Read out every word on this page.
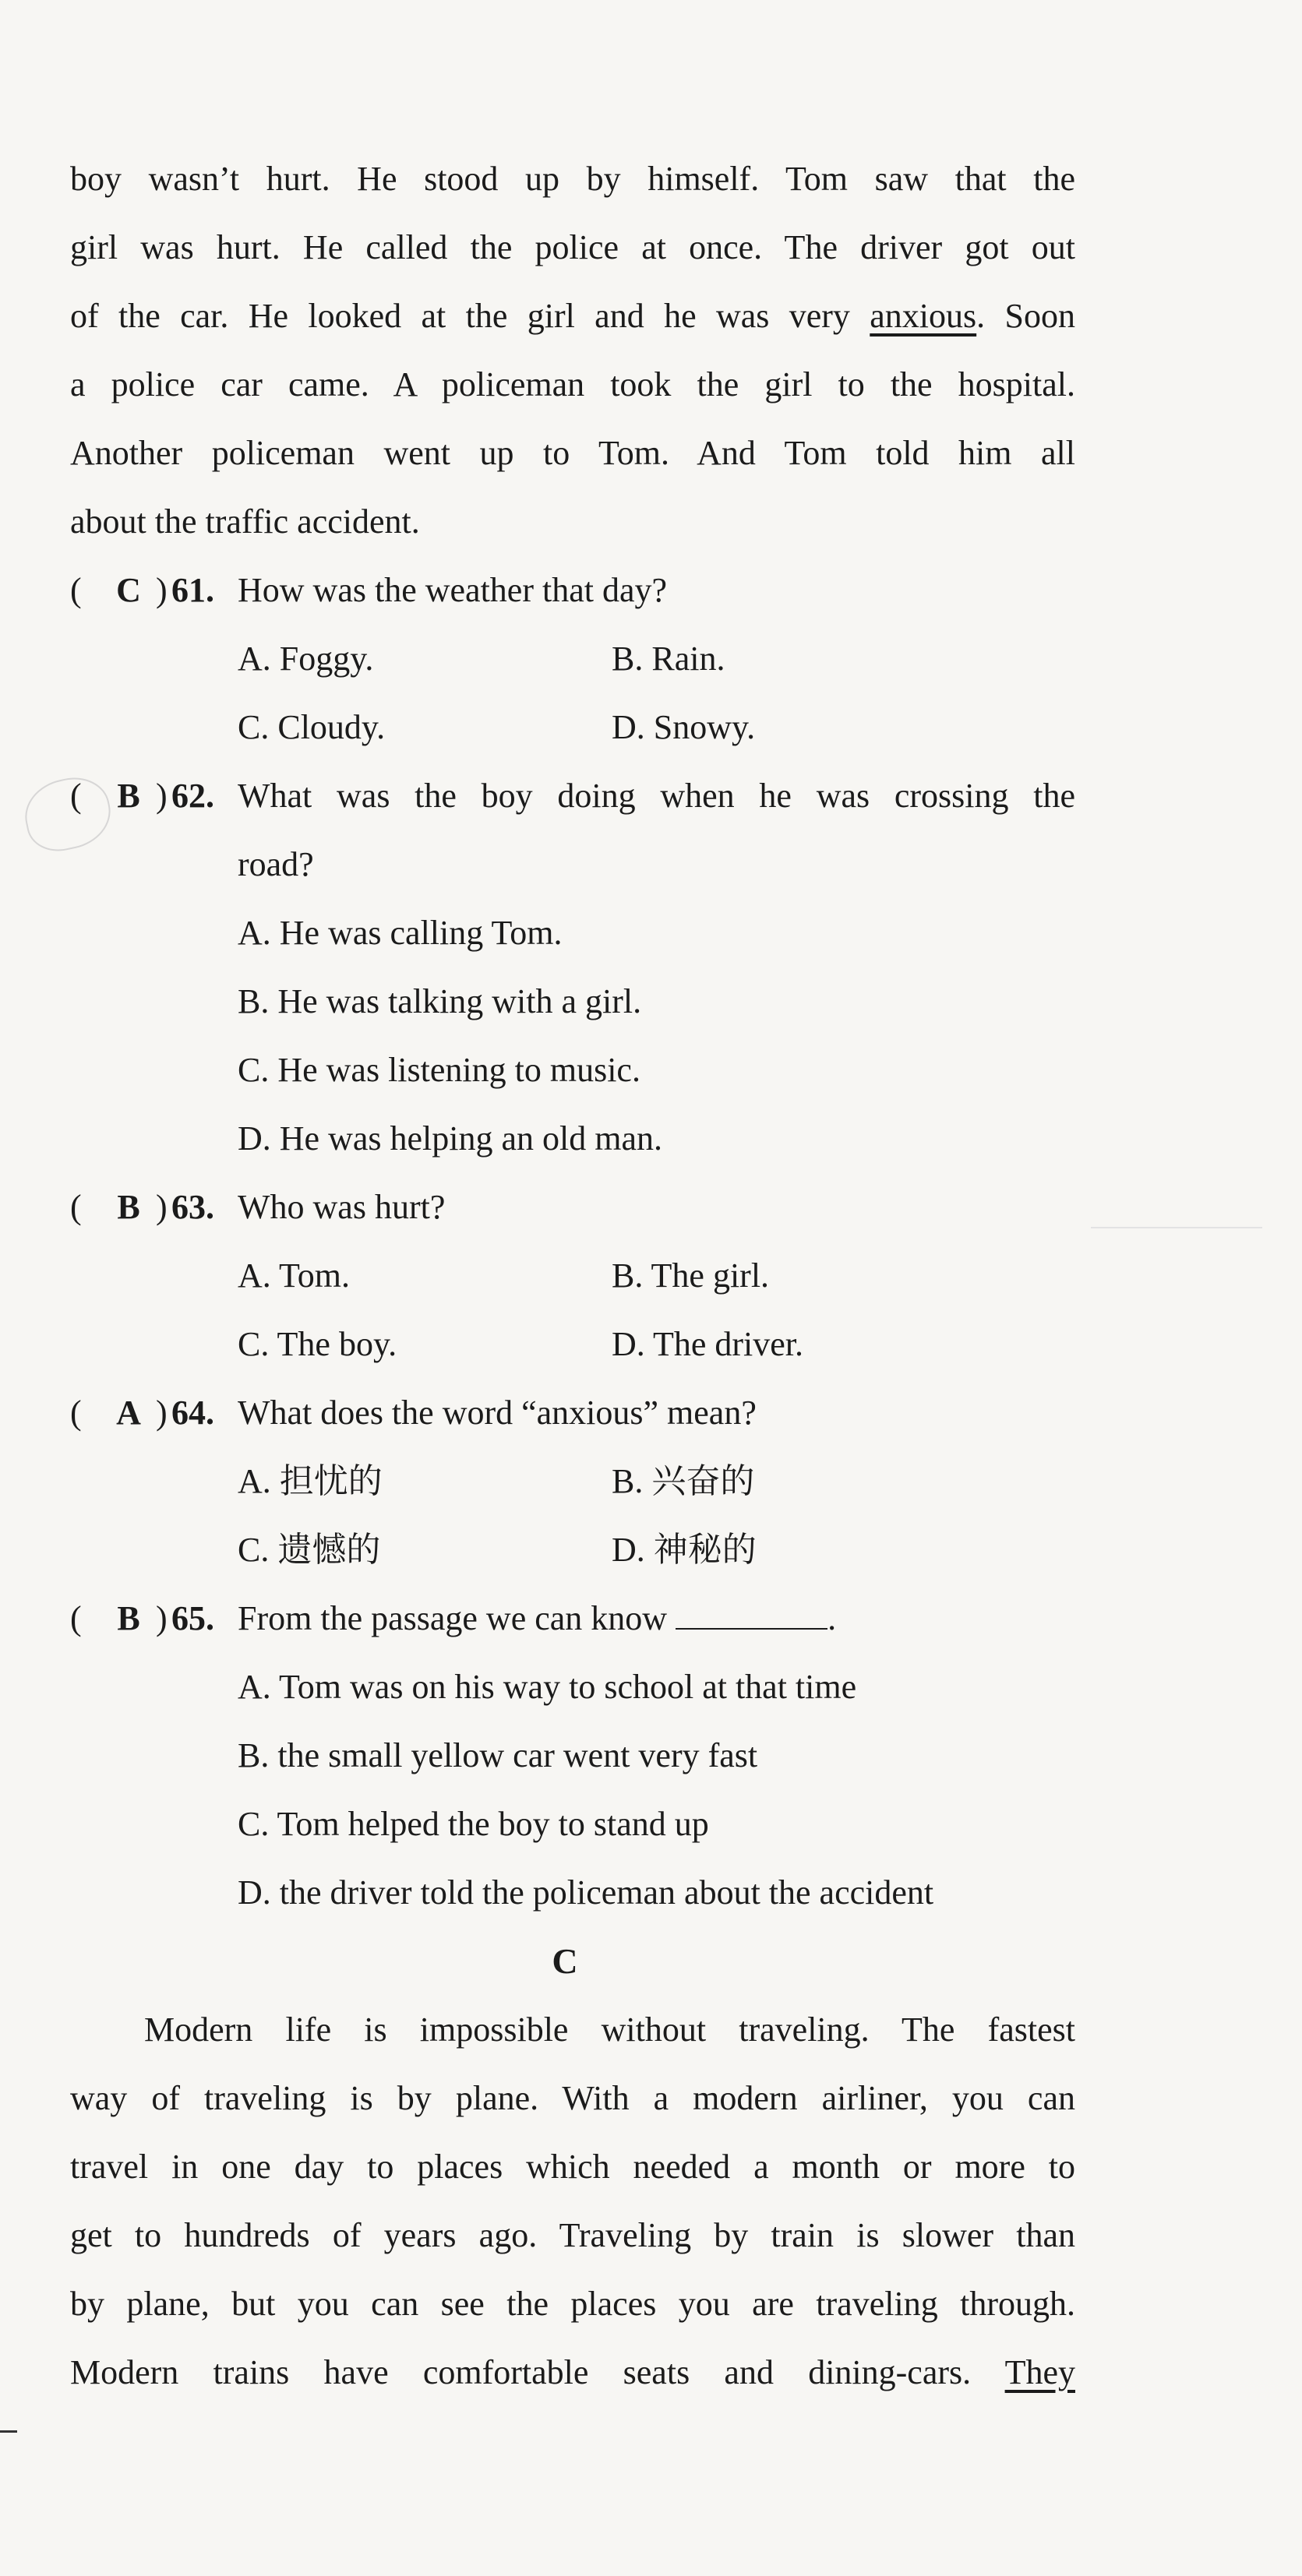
boy wasn’t hurt. He stood up by himself. Tom saw that the
girl was hurt. He called the police at once. The driver got out
of the car. He looked at the girl and he was very anxious. Soon
a police car came. A policeman took the girl to the hospital.
Another policeman went up to Tom. And Tom told him all
about the traffic accident.
( C ) 61. How was the weather that day?
A. Foggy.	B. Rain.
C. Cloudy.	D. Snowy.
( B ) 62. What was the boy doing when he was crossing the
road?
A. He was calling Tom.
B. He was talking with a girl.
C. He was listening to music.
D. He was helping an old man.
( B ) 63. Who was hurt?
A. Tom.	B. The girl.
C. The boy.	D. The driver.
( A ) 64. What does the word “anxious” mean?
A. 担忧的	B. 兴奋的
C. 遗憾的	D. 神秘的
( B ) 65. From the passage we can know	.
A. Tom was on his way to school at that time
B. the small yellow car went very fast
C. Tom helped the boy to stand up
D. the driver told the policeman about the accident
C
Modern life is impossible without traveling. The fastest
way of traveling is by plane. With a modern airliner, you can
travel in one day to places which needed a month or more to
get to hundreds of years ago. Traveling by train is slower than
by plane, but you can see the places you are traveling through.
Modern trains have comfortable seats and dining-cars. They
